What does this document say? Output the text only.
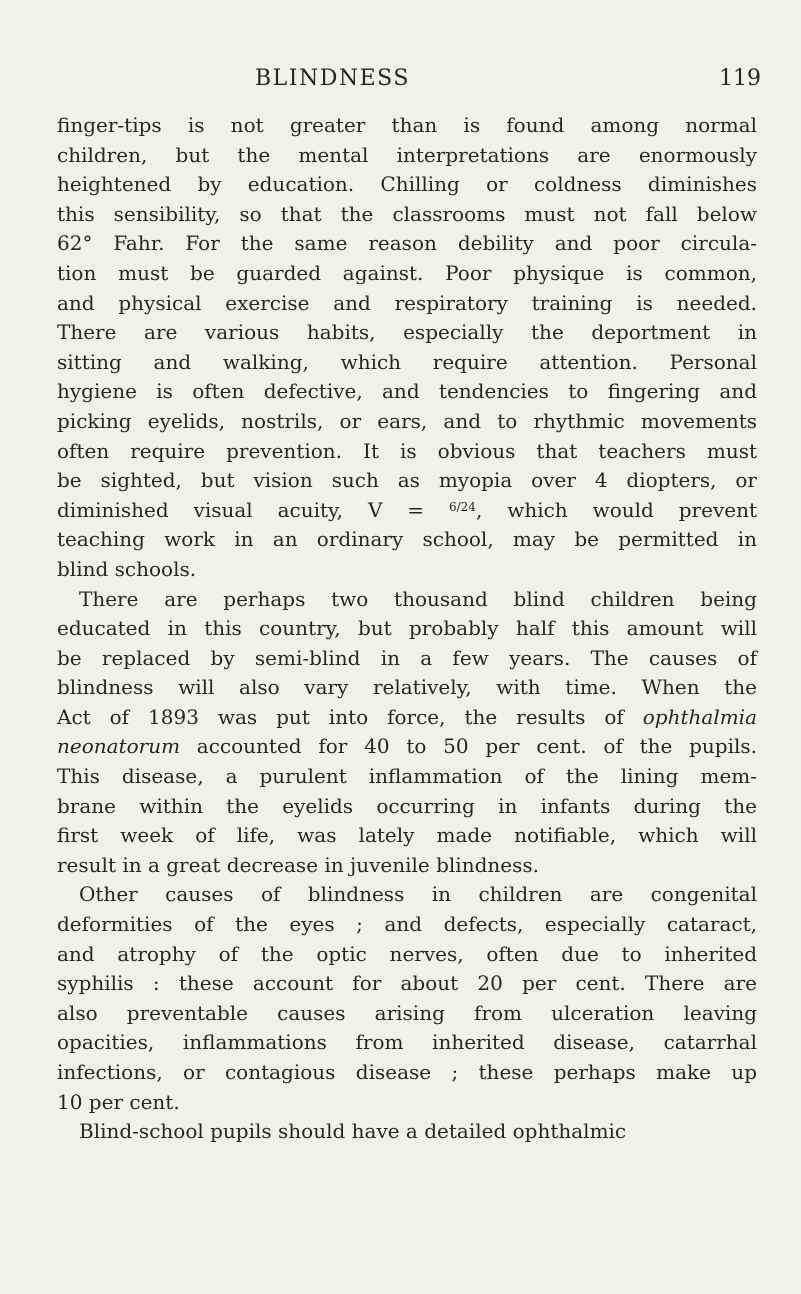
BLINDNESS	119
finger-tips is not greater than is found among normal
children, but the mental interpretations are enormously
heightened by education. Chilling or coldness diminishes
this sensibility, so that the classrooms must not fall below
62° Fahr. For the same reason debility and poor circula-
tion must be guarded against. Poor physique is common,
and physical exercise and respiratory training is needed.
There are various habits, especially the deportment in
sitting and walking, which require attention. Personal
hygiene is often defective, and tendencies to fingering and
picking eyelids, nostrils, or ears, and to rhythmic movements
often require prevention. It is obvious that teachers must
be sighted, but vision such as myopia over 4 diopters, or
diminished visual acuity, V = 6/24, which would prevent
teaching work in an ordinary school, may be permitted in
blind schools.
There are perhaps two thousand blind children being
educated in this country, but probably half this amount will
be replaced by semi-blind in a few years. The causes of
blindness will also vary relatively, with time. When the
Act of 1893 was put into force, the results of ophthalmia
neonatorum accounted for 40 to 50 per cent. of the pupils.
This disease, a purulent inflammation of the lining mem-
brane within the eyelids occurring in infants during the
first week of life, was lately made notifiable, which will
result in a great decrease in juvenile blindness.
Other causes of blindness in children are congenital
deformities of the eyes ; and defects, especially cataract,
and atrophy of the optic nerves, often due to inherited
syphilis : these account for about 20 per cent. There are
also preventable causes arising from ulceration leaving
opacities, inflammations from inherited disease, catarrhal
infections, or contagious disease ; these perhaps make up
10 per cent.
Blind-school pupils should have a detailed ophthalmic
